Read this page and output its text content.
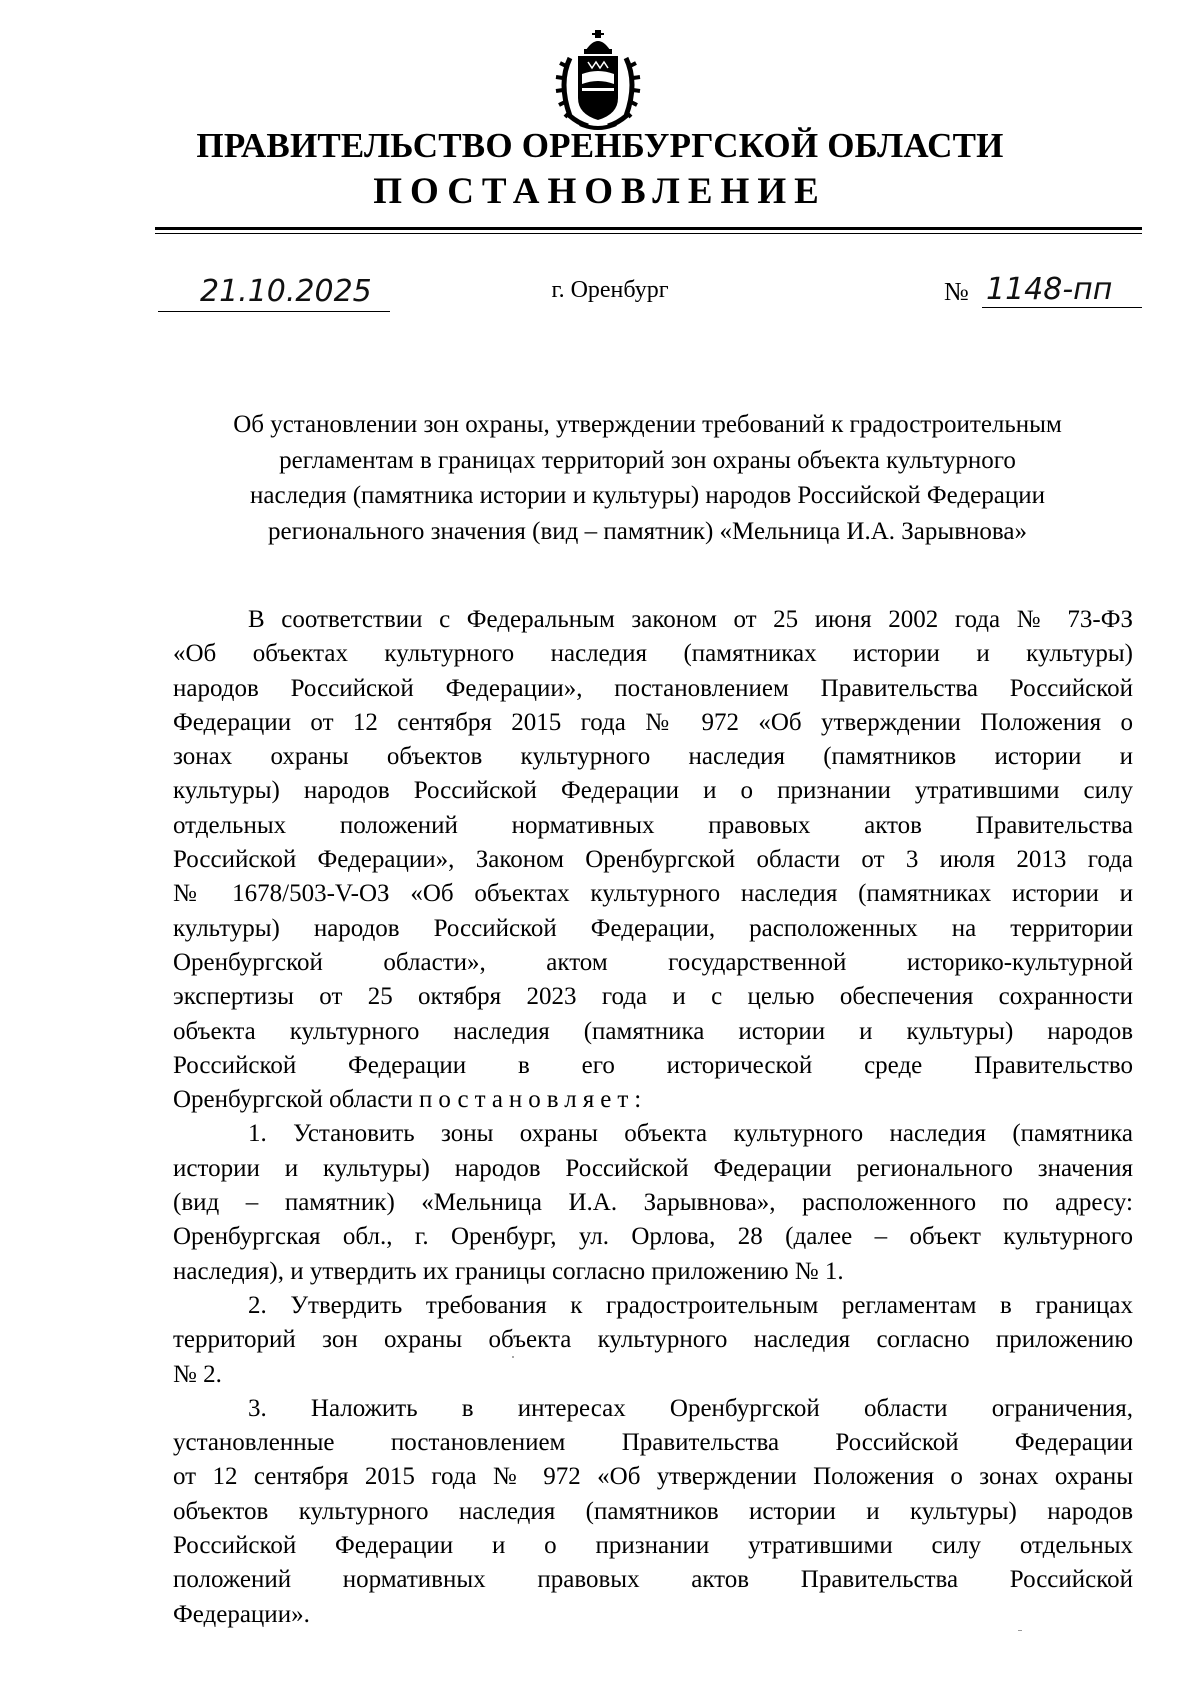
ПРАВИТЕЛЬСТВО ОРЕНБУРГСКОЙ ОБЛАСТИ
ПОСТАНОВЛЕНИЕ
21.10.2025	г. Оренбург	№ 1148-пп
Об установлении зон охраны, утверждении требований к градостроительным
регламентам в границах территорий зон охраны объекта культурного
наследия (памятника истории и культуры) народов Российской Федерации
регионального значения (вид – памятник) «Мельница И.А. Зарывнова»
В соответствии с Федеральным законом от 25 июня 2002 года № 73-ФЗ
«Об объектах культурного наследия (памятниках истории и культуры)
народов Российской Федерации», постановлением Правительства Российской
Федерации от 12 сентября 2015 года № 972 «Об утверждении Положения о
зонах охраны объектов культурного наследия (памятников истории и
культуры) народов Российской Федерации и о признании утратившими силу
отдельных положений нормативных правовых актов Правительства
Российской Федерации», Законом Оренбургской области от 3 июля 2013 года
№ 1678/503-V-ОЗ «Об объектах культурного наследия (памятниках истории и
культуры) народов Российской Федерации, расположенных на территории
Оренбургской области», актом государственной историко-культурной
экспертизы от 25 октября 2023 года и с целью обеспечения сохранности
объекта культурного наследия (памятника истории и культуры) народов
Российской Федерации в его исторической среде Правительство
Оренбургской области постановляет:
1. Установить зоны охраны объекта культурного наследия (памятника
истории и культуры) народов Российской Федерации регионального значения
(вид – памятник) «Мельница И.А. Зарывнова», расположенного по адресу:
Оренбургская обл., г. Оренбург, ул. Орлова, 28 (далее – объект культурного
наследия), и утвердить их границы согласно приложению № 1.
2. Утвердить требования к градостроительным регламентам в границах
территорий зон охраны объекта культурного наследия согласно приложению
№ 2.
3. Наложить в интересах Оренбургской области ограничения,
установленные постановлением Правительства Российской Федерации
от 12 сентября 2015 года № 972 «Об утверждении Положения о зонах охраны
объектов культурного наследия (памятников истории и культуры) народов
Российской Федерации и о признании утратившими силу отдельных
положений нормативных правовых актов Правительства Российской
Федерации».
